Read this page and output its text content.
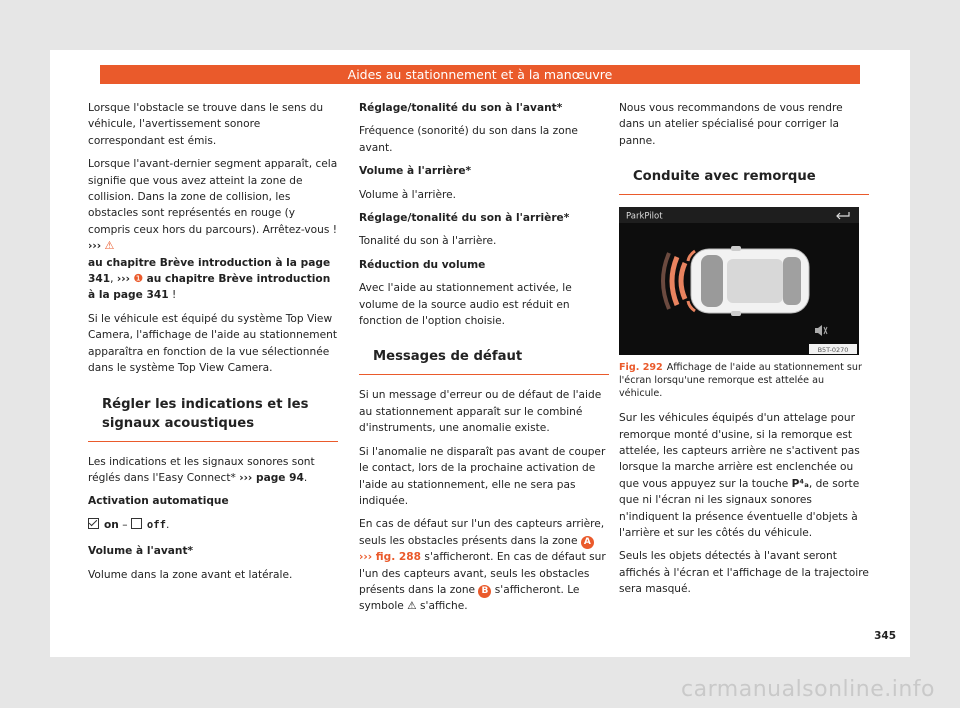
Aides au stationnement et à la manœuvre

Lorsque l'obstacle se trouve dans le sens du véhicule, l'avertissement sonore correspondant est émis.

Lorsque l'avant-dernier segment apparaît, cela signifie que vous avez atteint la zone de collision. Dans la zone de collision, les obstacles sont représentés en rouge (y compris ceux hors du parcours). Arrêtez-vous ! ››› ⚠
au chapitre Brève introduction à la page 341, ››› ❶ au chapitre Brève introduction à la page 341 !

Si le véhicule est équipé du système Top View Camera, l'affichage de l'aide au stationnement apparaîtra en fonction de la vue sélectionnée dans le système Top View Camera.

Régler les indications et les signaux acoustiques

Les indications et les signaux sonores sont réglés dans l'Easy Connect* ››› page 94.

Activation automatique

on – off.

Volume à l'avant*

Volume dans la zone avant et latérale.

Réglage/tonalité du son à l'avant*

Fréquence (sonorité) du son dans la zone avant.

Volume à l'arrière*

Volume à l'arrière.

Réglage/tonalité du son à l'arrière*

Tonalité du son à l'arrière.

Réduction du volume

Avec l'aide au stationnement activée, le volume de la source audio est réduit en fonction de l'option choisie.

Messages de défaut

Si un message d'erreur ou de défaut de l'aide au stationnement apparaît sur le combiné d'instruments, une anomalie existe.

Si l'anomalie ne disparaît pas avant de couper le contact, lors de la prochaine activation de l'aide au stationnement, elle ne sera pas indiquée.

En cas de défaut sur l'un des capteurs arrière, seuls les obstacles présents dans la zone A
››› fig. 288 s'afficheront. En cas de défaut sur l'un des capteurs avant, seuls les obstacles présents dans la zone B s'afficheront. Le symbole ⚠ s'affiche.

Nous vous recommandons de vous rendre dans un atelier spécialisé pour corriger la panne.

Conduite avec remorque
ParkPilot
B5T-0270
Fig. 292 Affichage de l'aide au stationnement sur l'écran lorsqu'une remorque est attelée au véhicule.

Sur les véhicules équipés d'un attelage pour remorque monté d'usine, si la remorque est attelée, les capteurs arrière ne s'activent pas lorsque la marche arrière est enclenchée ou que vous appuyez sur la touche P⁴ₐ, de sorte que ni l'écran ni les signaux sonores n'indiquent la présence éventuelle d'objets à l'arrière et sur les côtés du véhicule.

Seuls les objets détectés à l'avant seront affichés à l'écran et l'affichage de la trajectoire sera masqué.

345
carmanualsonline.info
